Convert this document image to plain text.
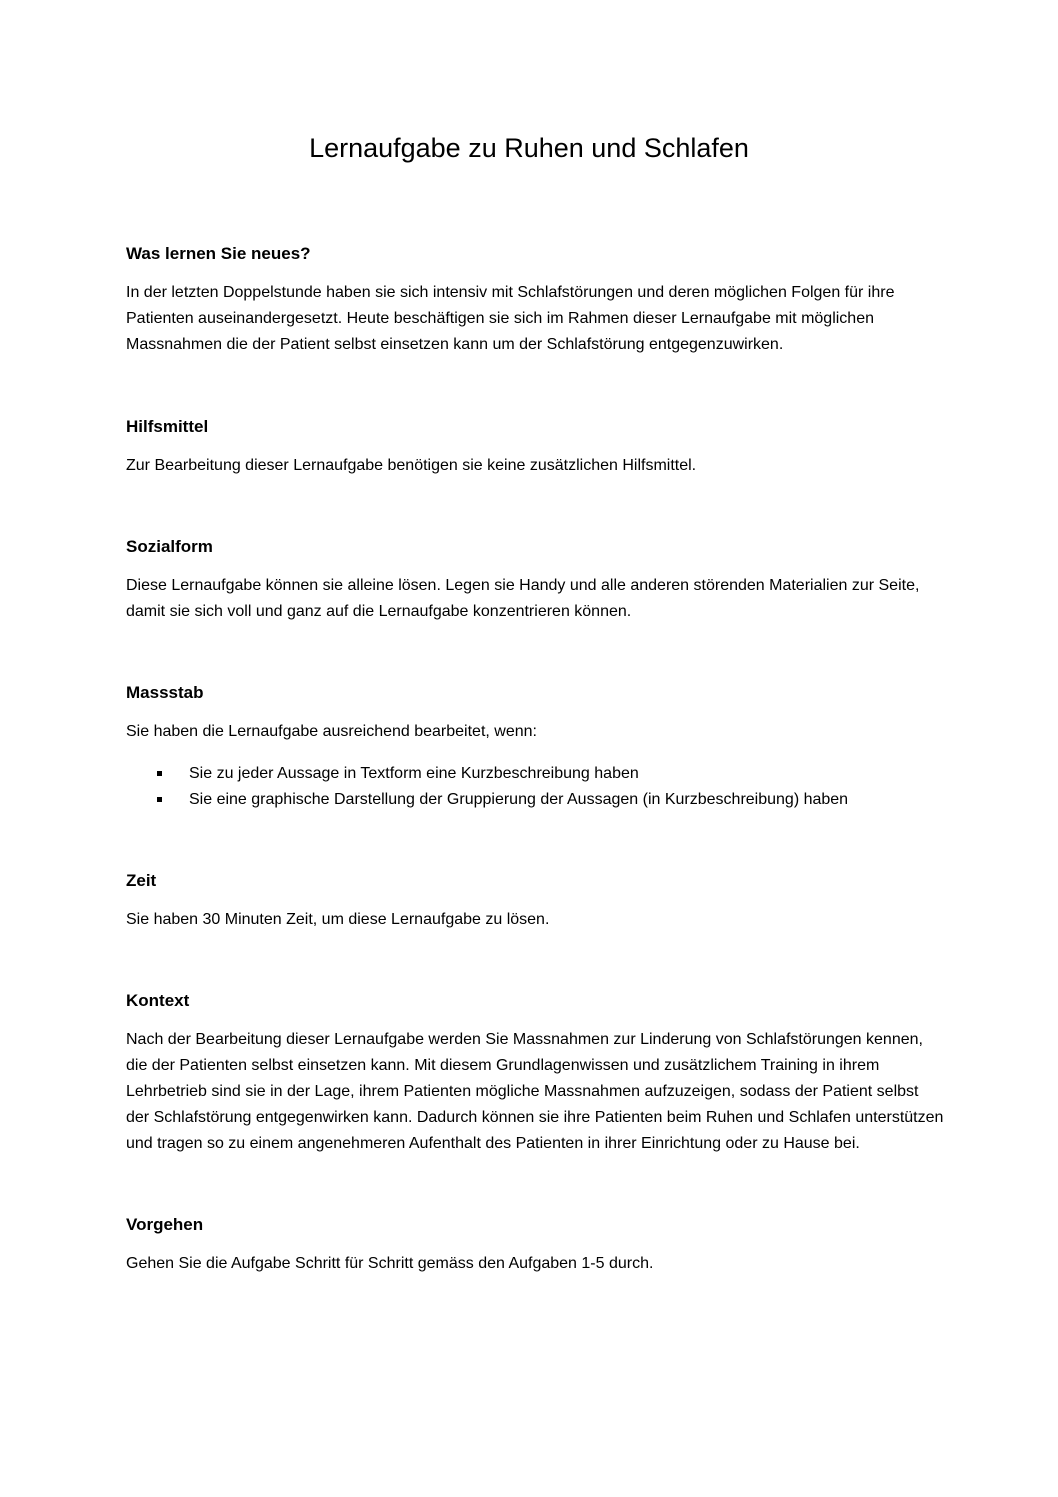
Lernaufgabe zu Ruhen und Schlafen
Was lernen Sie neues?

In der letzten Doppelstunde haben sie sich intensiv mit Schlafstörungen und deren möglichen Folgen für ihre Patienten auseinandergesetzt. Heute beschäftigen sie sich im Rahmen dieser Lernaufgabe mit möglichen Massnahmen die der Patient selbst einsetzen kann um der Schlafstörung entgegenzuwirken.

Hilfsmittel

Zur Bearbeitung dieser Lernaufgabe benötigen sie keine zusätzlichen Hilfsmittel.

Sozialform

Diese Lernaufgabe können sie alleine lösen. Legen sie Handy und alle anderen störenden Materialien zur Seite, damit sie sich voll und ganz auf die Lernaufgabe konzentrieren können.

Massstab

Sie haben die Lernaufgabe ausreichend bearbeitet, wenn:

Sie zu jeder Aussage in Textform eine Kurzbeschreibung haben
Sie eine graphische Darstellung der Gruppierung der Aussagen (in Kurzbeschreibung) haben
Zeit

Sie haben 30 Minuten Zeit, um diese Lernaufgabe zu lösen.

Kontext

Nach der Bearbeitung dieser Lernaufgabe werden Sie Massnahmen zur Linderung von Schlafstörungen kennen, die der Patienten selbst einsetzen kann. Mit diesem Grundlagenwissen und zusätzlichem Training in ihrem Lehrbetrieb sind sie in der Lage, ihrem Patienten mögliche Massnahmen aufzuzeigen, sodass der Patient selbst der Schlafstörung entgegenwirken kann. Dadurch können sie ihre Patienten beim Ruhen und Schlafen unterstützen und tragen so zu einem angenehmeren Aufenthalt des Patienten in ihrer Einrichtung oder zu Hause bei.

Vorgehen

Gehen Sie die Aufgabe Schritt für Schritt gemäss den Aufgaben 1-5 durch.
